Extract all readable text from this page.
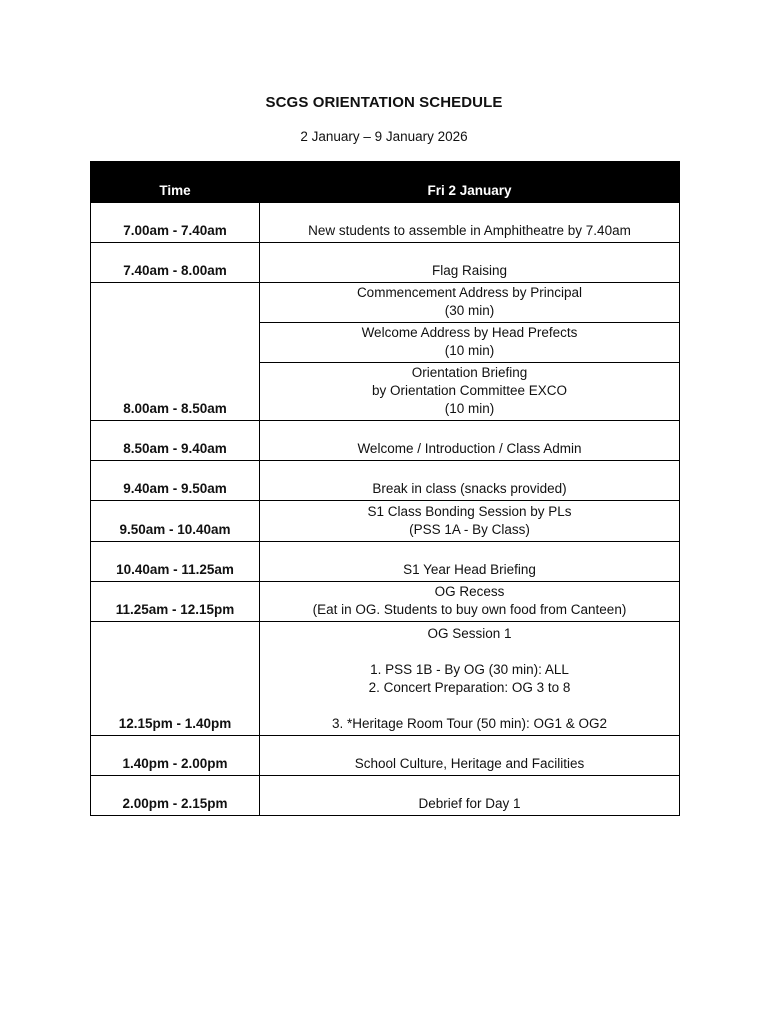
SCGS ORIENTATION SCHEDULE
2 January – 9 January 2026
Time	Fri 2 January
7.00am - 7.40am	New students to assemble in Amphitheatre by 7.40am
7.40am - 8.00am	Flag Raising
8.00am - 8.50am	Commencement Address by Principal
(30 min)
	Welcome Address by Head Prefects
(10 min)
	Orientation Briefing
by Orientation Committee EXCO
(10 min)
8.50am - 9.40am	Welcome / Introduction / Class Admin
9.40am - 9.50am	Break in class (snacks provided)
9.50am - 10.40am	S1 Class Bonding Session by PLs
(PSS 1A - By Class)
10.40am - 11.25am	S1 Year Head Briefing
11.25am - 12.15pm	OG Recess
(Eat in OG. Students to buy own food from Canteen)
12.15pm - 1.40pm	OG Session 1

1. PSS 1B - By OG (30 min): ALL
2. Concert Preparation: OG 3 to 8

3. *Heritage Room Tour (50 min): OG1 & OG2
1.40pm - 2.00pm	School Culture, Heritage and Facilities
2.00pm - 2.15pm	Debrief for Day 1
